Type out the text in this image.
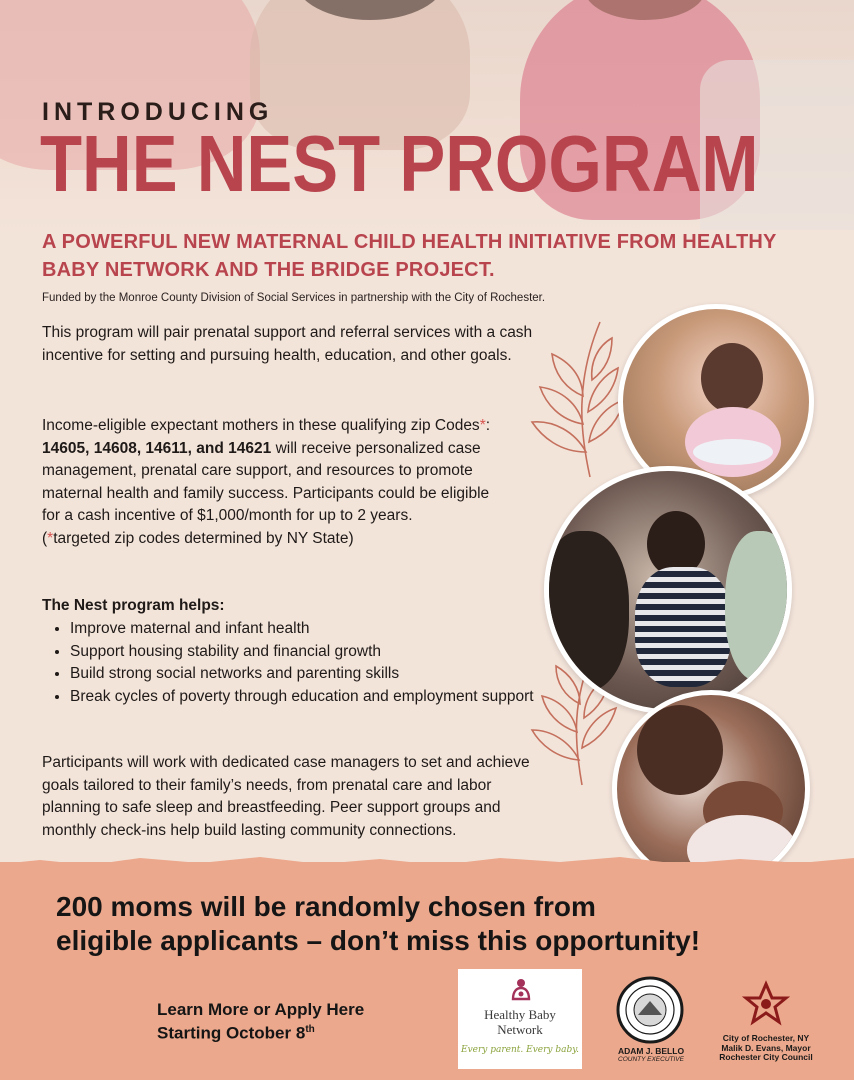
INTRODUCING
THE NEST PROGRAM
A POWERFUL NEW MATERNAL CHILD HEALTH INITIATIVE FROM HEALTHY BABY NETWORK AND THE BRIDGE PROJECT.
Funded by the Monroe County Division of Social Services in partnership with the City of Rochester.
This program will pair prenatal support and referral services with a cash incentive for setting and pursuing health, education, and other goals.
Income-eligible expectant mothers in these qualifying zip Codes*: 14605, 14608, 14611, and 14621 will receive personalized case management, prenatal care support, and resources to promote maternal health and family success. Participants could be eligible for a cash incentive of $1,000/month for up to 2 years.
(*targeted zip codes determined by NY State)
The Nest program helps:
• Improve maternal and infant health
• Support housing stability and financial growth
• Build strong social networks and parenting skills
• Break cycles of poverty through education and employment support
Participants will work with dedicated case managers to set and achieve goals tailored to their family’s needs, from prenatal care and labor planning to safe sleep and breastfeeding. Peer support groups and monthly check-ins help build lasting community connections.
200 moms will be randomly chosen from
eligible applicants – don’t miss this opportunity!
Learn More or Apply Here
Starting October 8th
Healthy Baby
Network
Every parent. Every baby.	ADAM J. BELLO
COUNTY EXECUTIVE
City of Rochester, NY
Malik D. Evans, Mayor
Rochester City Council
